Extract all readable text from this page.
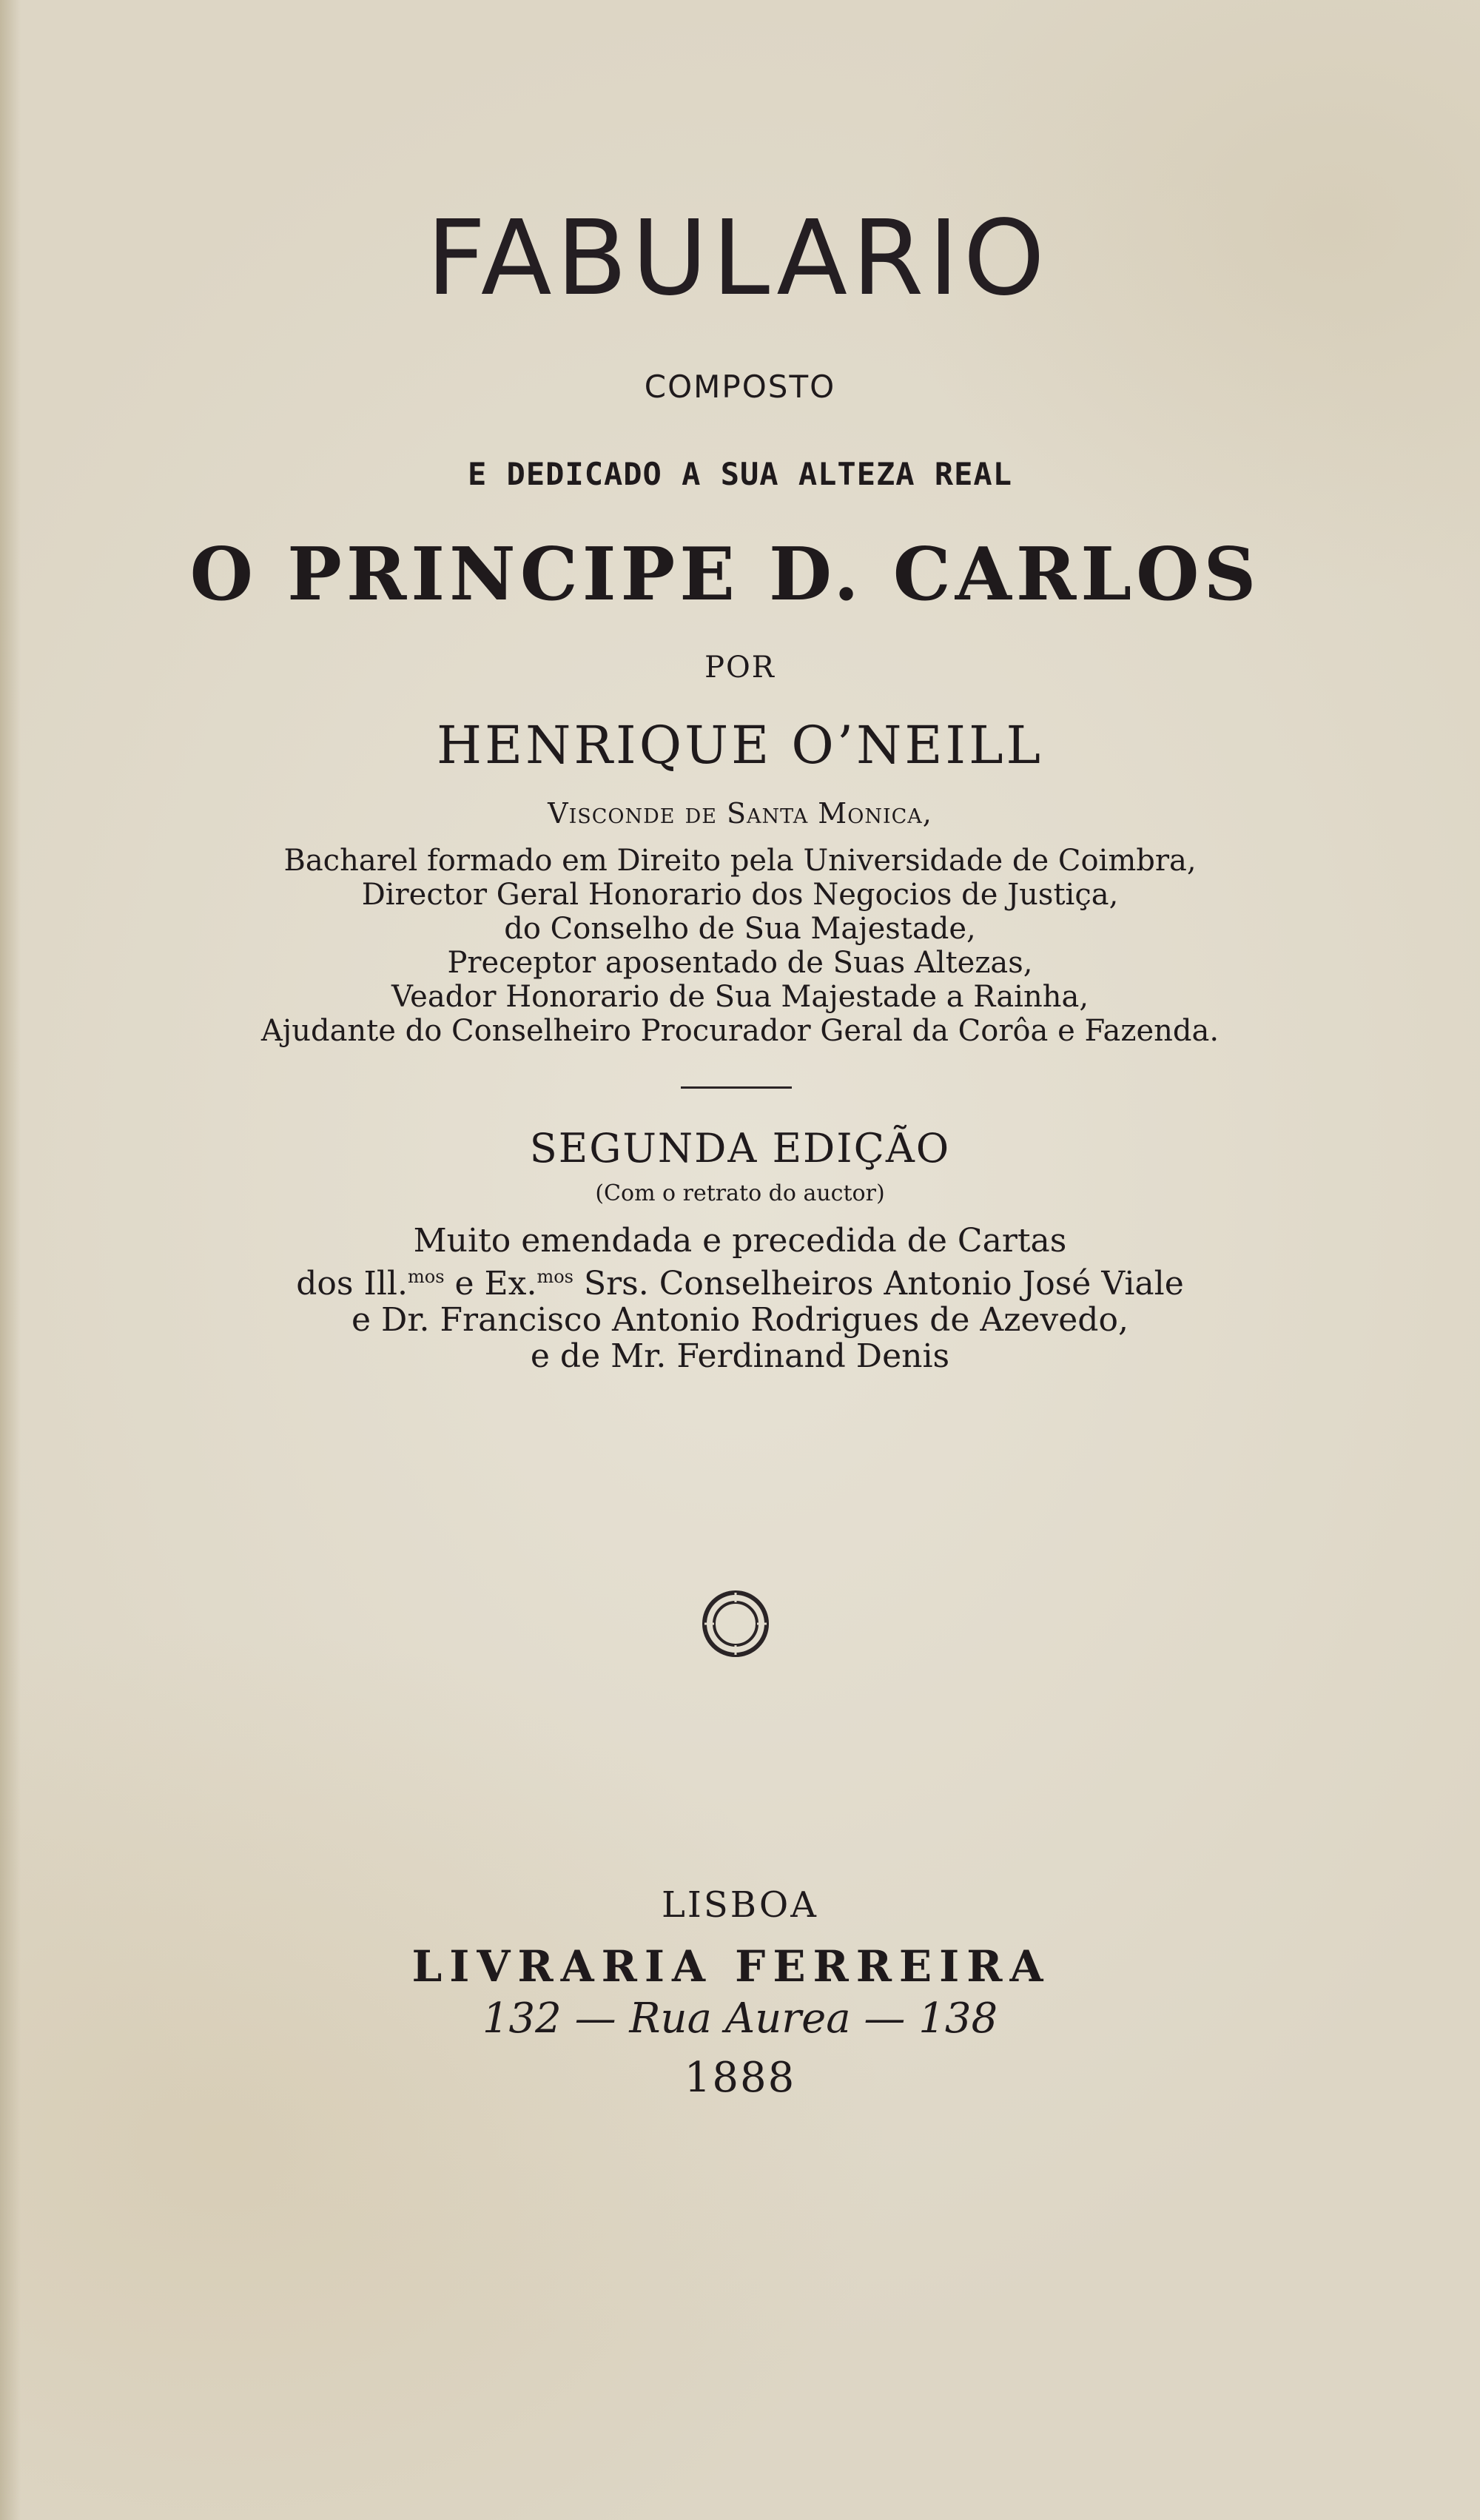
FABULARIO
COMPOSTO
E DEDICADO A SUA ALTEZA REAL
O PRINCIPE D. CARLOS
POR
HENRIQUE O’NEILL
Visconde de Santa Monica,
Bacharel formado em Direito pela Universidade de Coimbra,
Director Geral Honorario dos Negocios de Justiça,
do Conselho de Sua Majestade,
Preceptor aposentado de Suas Altezas,
Veador Honorario de Sua Majestade a Rainha,
Ajudante do Conselheiro Procurador Geral da Corôa e Fazenda.
SEGUNDA EDIÇÃO
(Com o retrato do auctor)
Muito emendada e precedida de Cartas
dos Ill.$^{mos}$ e Ex.$^{mos}$ Srs. Conselheiros Antonio José Viale
e Dr. Francisco Antonio Rodrigues de Azevedo,
e de Mr. Ferdinand Denis
LISBOA
LIVRARIA FERREIRA
132 — Rua Aurea — 138
1888
